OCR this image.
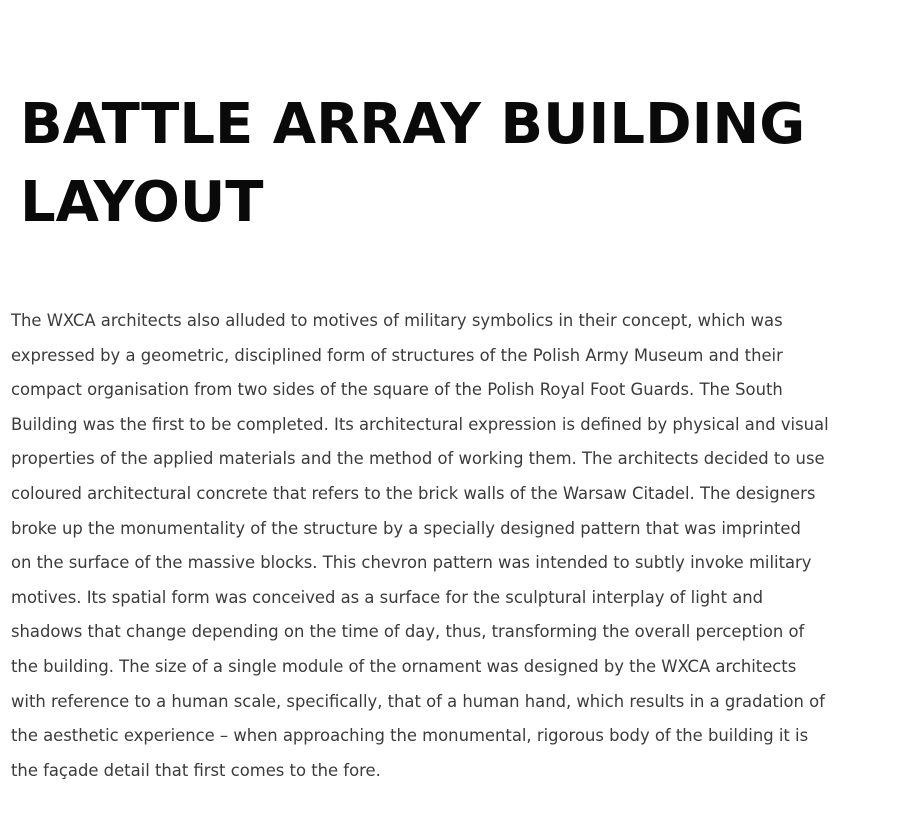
BATTLE ARRAY BUILDING
LAYOUT

The WXCA architects also alluded to motives of military symbolics in their concept, which was
expressed by a geometric, disciplined form of structures of the Polish Army Museum and their
compact organisation from two sides of the square of the Polish Royal Foot Guards. The South
Building was the first to be completed. Its architectural expression is defined by physical and visual
properties of the applied materials and the method of working them. The architects decided to use
coloured architectural concrete that refers to the brick walls of the Warsaw Citadel. The designers
broke up the monumentality of the structure by a specially designed pattern that was imprinted
on the surface of the massive blocks. This chevron pattern was intended to subtly invoke military
motives. Its spatial form was conceived as a surface for the sculptural interplay of light and
shadows that change depending on the time of day, thus, transforming the overall perception of
the building. The size of a single module of the ornament was designed by the WXCA architects
with reference to a human scale, specifically, that of a human hand, which results in a gradation of
the aesthetic experience – when approaching the monumental, rigorous body of the building it is
the façade detail that first comes to the fore.
